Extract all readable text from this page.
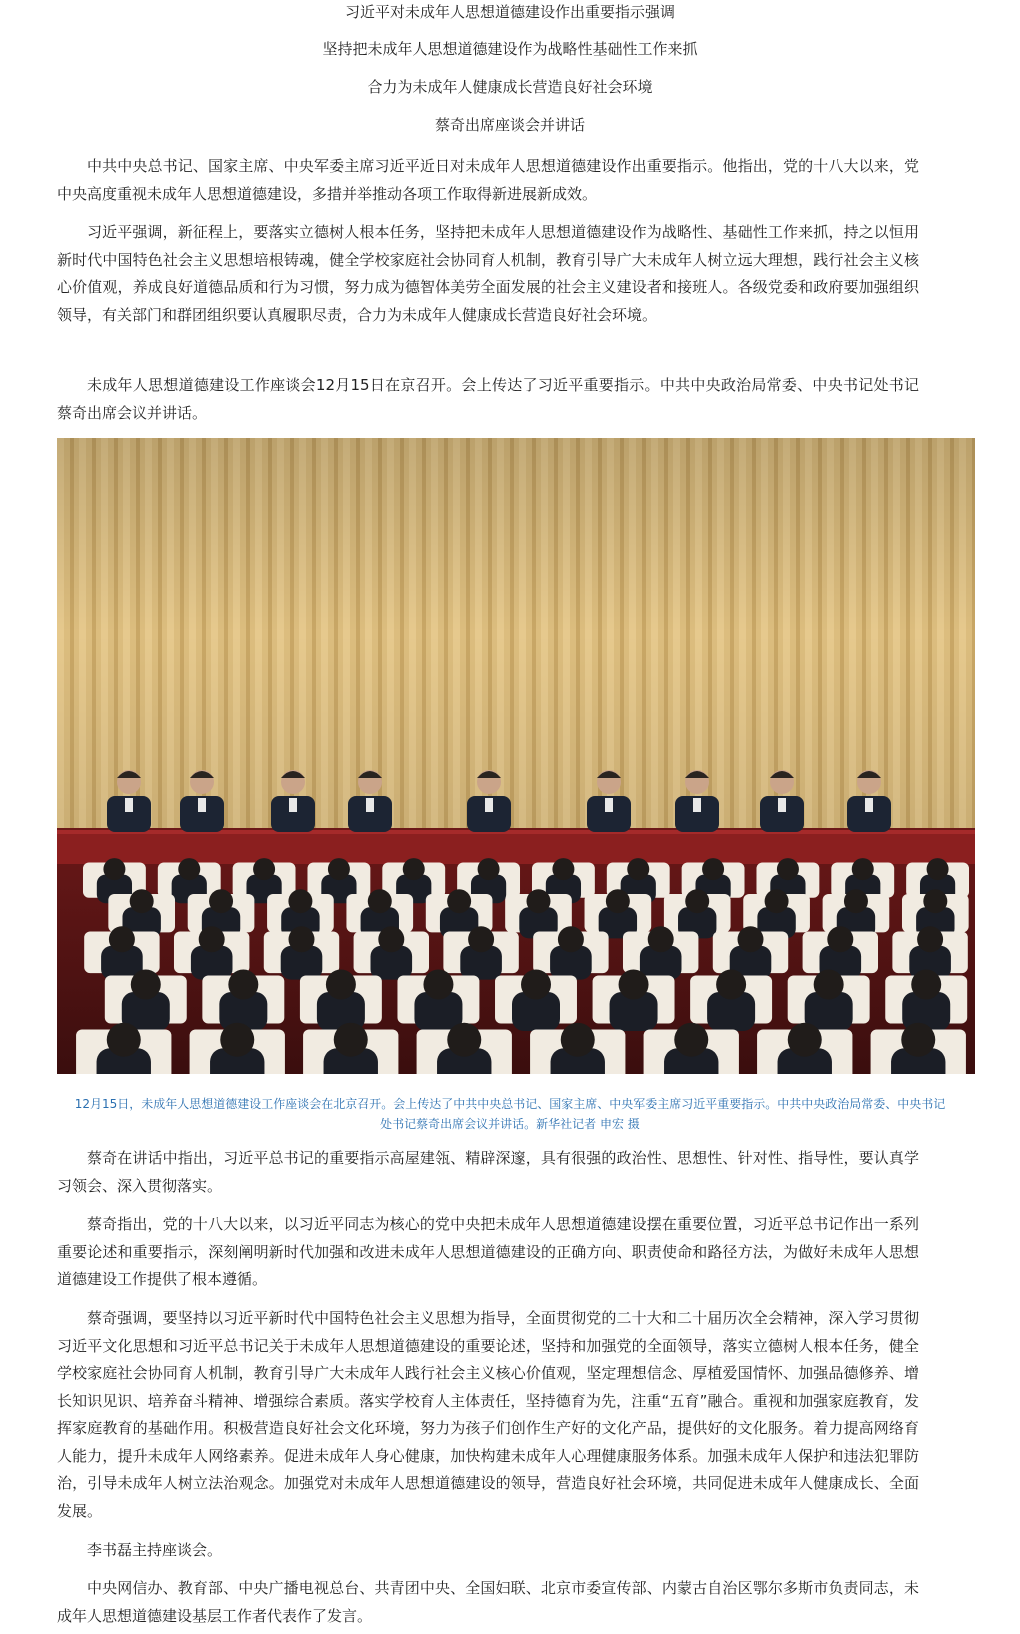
习近平对未成年人思想道德建设作出重要指示强调
坚持把未成年人思想道德建设作为战略性基础性工作来抓
合力为未成年人健康成长营造良好社会环境
蔡奇出席座谈会并讲话

中共中央总书记、国家主席、中央军委主席习近平近日对未成年人思想道德建设作出重要指示。他指出，党的十八大以来，党中央高度重视未成年人思想道德建设，多措并举推动各项工作取得新进展新成效。

习近平强调，新征程上，要落实立德树人根本任务，坚持把未成年人思想道德建设作为战略性、基础性工作来抓，持之以恒用新时代中国特色社会主义思想培根铸魂，健全学校家庭社会协同育人机制，教育引导广大未成年人树立远大理想，践行社会主义核心价值观，养成良好道德品质和行为习惯，努力成为德智体美劳全面发展的社会主义建设者和接班人。各级党委和政府要加强组织领导，有关部门和群团组织要认真履职尽责，合力为未成年人健康成长营造良好社会环境。

未成年人思想道德建设工作座谈会12月15日在京召开。会上传达了习近平重要指示。中共中央政治局常委、中央书记处书记蔡奇出席会议并讲话。

12月15日，未成年人思想道德建设工作座谈会在北京召开。会上传达了中共中央总书记、国家主席、中央军委主席习近平重要指示。中共中央政治局常委、中央书记处书记蔡奇出席会议并讲话。新华社记者 申宏 摄

蔡奇在讲话中指出，习近平总书记的重要指示高屋建瓴、精辟深邃，具有很强的政治性、思想性、针对性、指导性，要认真学习领会、深入贯彻落实。

蔡奇指出，党的十八大以来，以习近平同志为核心的党中央把未成年人思想道德建设摆在重要位置，习近平总书记作出一系列重要论述和重要指示，深刻阐明新时代加强和改进未成年人思想道德建设的正确方向、职责使命和路径方法，为做好未成年人思想道德建设工作提供了根本遵循。

蔡奇强调，要坚持以习近平新时代中国特色社会主义思想为指导，全面贯彻党的二十大和二十届历次全会精神，深入学习贯彻习近平文化思想和习近平总书记关于未成年人思想道德建设的重要论述，坚持和加强党的全面领导，落实立德树人根本任务，健全学校家庭社会协同育人机制，教育引导广大未成年人践行社会主义核心价值观，坚定理想信念、厚植爱国情怀、加强品德修养、增长知识见识、培养奋斗精神、增强综合素质。落实学校育人主体责任，坚持德育为先，注重“五育”融合。重视和加强家庭教育，发挥家庭教育的基础作用。积极营造良好社会文化环境，努力为孩子们创作生产好的文化产品，提供好的文化服务。着力提高网络育人能力，提升未成年人网络素养。促进未成年人身心健康，加快构建未成年人心理健康服务体系。加强未成年人保护和违法犯罪防治，引导未成年人树立法治观念。加强党对未成年人思想道德建设的领导，营造良好社会环境，共同促进未成年人健康成长、全面发展。

李书磊主持座谈会。

中央网信办、教育部、中央广播电视总台、共青团中央、全国妇联、北京市委宣传部、内蒙古自治区鄂尔多斯市负责同志，未成年人思想道德建设基层工作者代表作了发言。
